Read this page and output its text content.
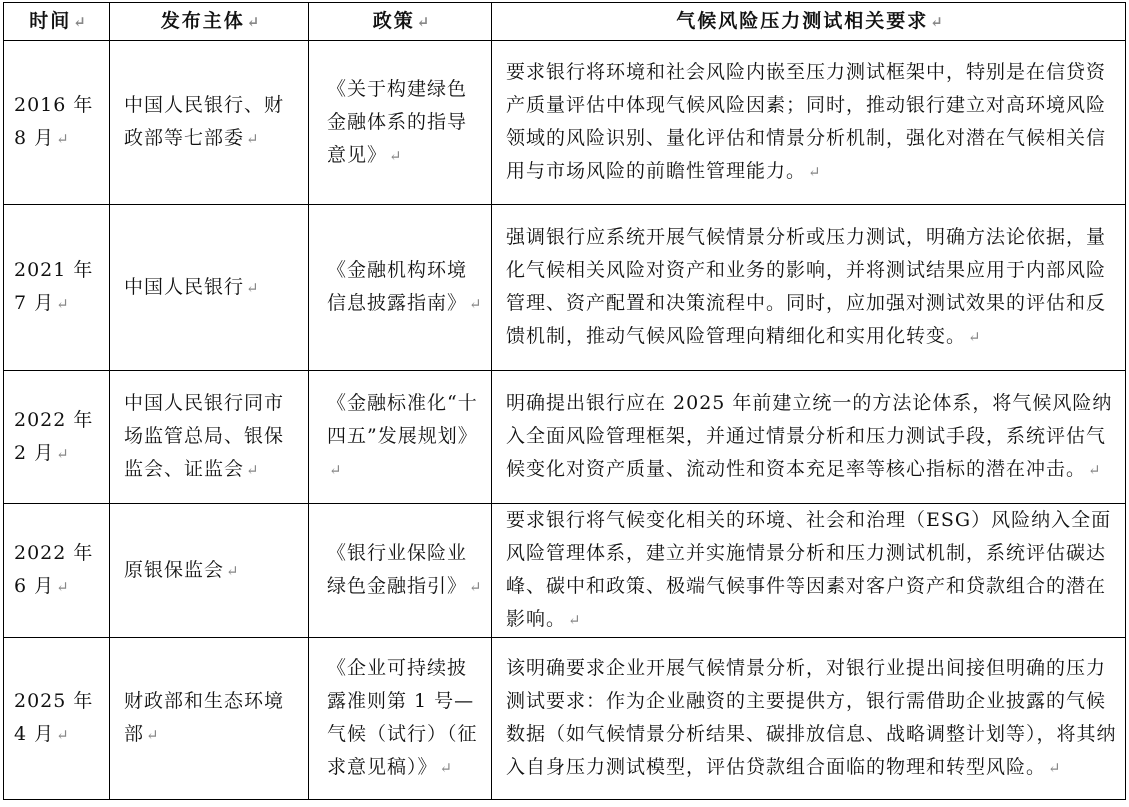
时间 ↵	发布主体 ↵	政策 ↵	气候风险压力测试相关要求 ↵
2016 年 8 月 ↵	中国人民银行、财政部等七部委 ↵	《关于构建绿色金融体系的指导意见》 ↵	要求银行将环境和社会风险内嵌至压力测试框架中，特别是在信贷资产质量评估中体现气候风险因素；同时，推动银行建立对高环境风险领域的风险识别、量化评估和情景分析机制，强化对潜在气候相关信用与市场风险的前瞻性管理能力。 ↵
2021 年 7 月 ↵	中国人民银行 ↵	《金融机构环境信息披露指南》 ↵	强调银行应系统开展气候情景分析或压力测试，明确方法论依据，量化气候相关风险对资产和业务的影响，并将测试结果应用于内部风险管理、资产配置和决策流程中。同时，应加强对测试效果的评估和反馈机制，推动气候风险管理向精细化和实用化转变。 ↵
2022 年 2 月 ↵	中国人民银行同市场监管总局、银保监会、证监会 ↵	《金融标准化“十四五”发展规划》↵	明确提出银行应在 2025 年前建立统一的方法论体系，将气候风险纳入全面风险管理框架，并通过情景分析和压力测试手段，系统评估气候变化对资产质量、流动性和资本充足率等核心指标的潜在冲击。 ↵
2022 年 6 月 ↵	原银保监会 ↵	《银行业保险业绿色金融指引》 ↵	要求银行将气候变化相关的环境、社会和治理（ESG）风险纳入全面风险管理体系，建立并实施情景分析和压力测试机制，系统评估碳达峰、碳中和政策、极端气候事件等因素对客户资产和贷款组合的潜在影响。 ↵
2025 年 4 月 ↵	财政部和生态环境部 ↵	《企业可持续披露准则第 1 号—气候（试行）（征求意见稿）》 ↵	该明确要求企业开展气候情景分析，对银行业提出间接但明确的压力测试要求：作为企业融资的主要提供方，银行需借助企业披露的气候数据（如气候情景分析结果、碳排放信息、战略调整计划等），将其纳入自身压力测试模型，评估贷款组合面临的物理和转型风险。 ↵
